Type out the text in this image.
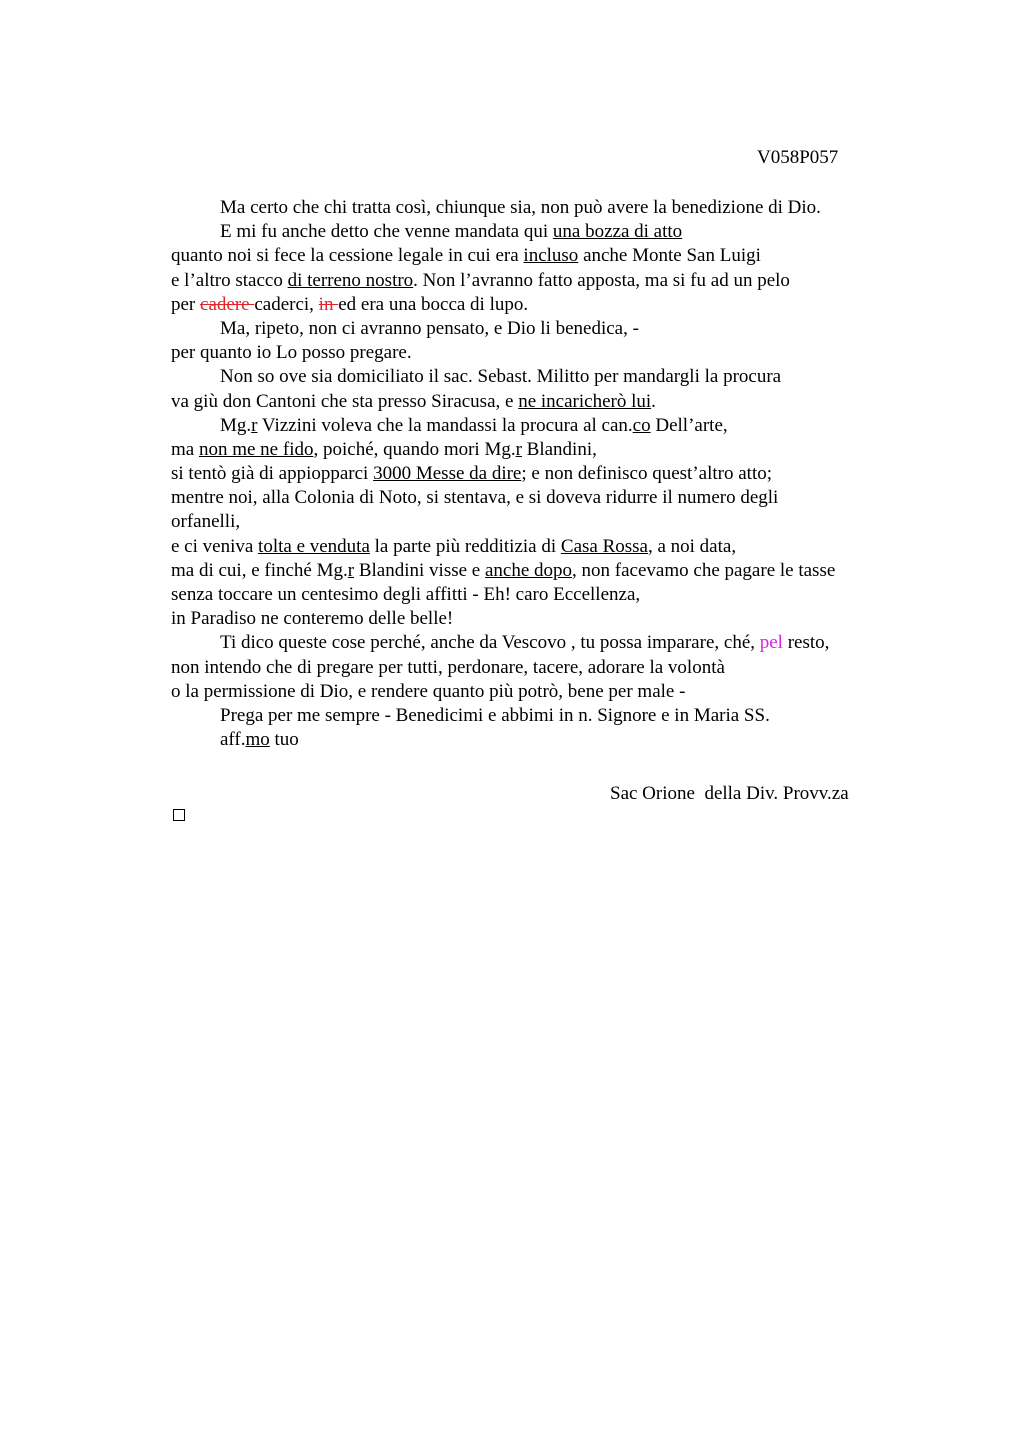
V058P057
Ma certo che chi tratta così, chiunque sia, non può avere la benedizione di Dio.
E mi fu anche detto che venne mandata qui una bozza di atto
quanto noi si fece la cessione legale in cui era incluso anche Monte San Luigi
e l’altro stacco di terreno nostro. Non l’avranno fatto apposta, ma si fu ad un pelo
per cadere caderci, in ed era una bocca di lupo.
Ma, ripeto, non ci avranno pensato, e Dio li benedica, -
per quanto io Lo posso pregare.
Non so ove sia domiciliato il sac. Sebast. Militto per mandargli la procura
va giù don Cantoni che sta presso Siracusa, e ne incaricherò lui.
Mg.r Vizzini voleva che la mandassi la procura al can.co Dell’arte,
ma non me ne fido, poiché, quando mori Mg.r Blandini,
si tentò già di appiopparci 3000 Messe da dire; e non definisco quest’altro atto;
mentre noi, alla Colonia di Noto, si stentava, e si doveva ridurre il numero degli
orfanelli,
e ci veniva tolta e venduta la parte più redditizia di Casa Rossa, a noi data,
ma di cui, e finché Mg.r Blandini visse e anche dopo, non facevamo che pagare le tasse
senza toccare un centesimo degli affitti - Eh! caro Eccellenza,
in Paradiso ne conteremo delle belle!
Ti dico queste cose perché, anche da Vescovo , tu possa imparare, ché, pel resto,
non intendo che di pregare per tutti, perdonare, tacere, adorare la volontà
o la permissione di Dio, e rendere quanto più potrò, bene per male -
Prega per me sempre - Benedicimi e abbimi in n. Signore e in Maria SS.
aff.mo tuo
Sac Orione  della Div. Provv.za
